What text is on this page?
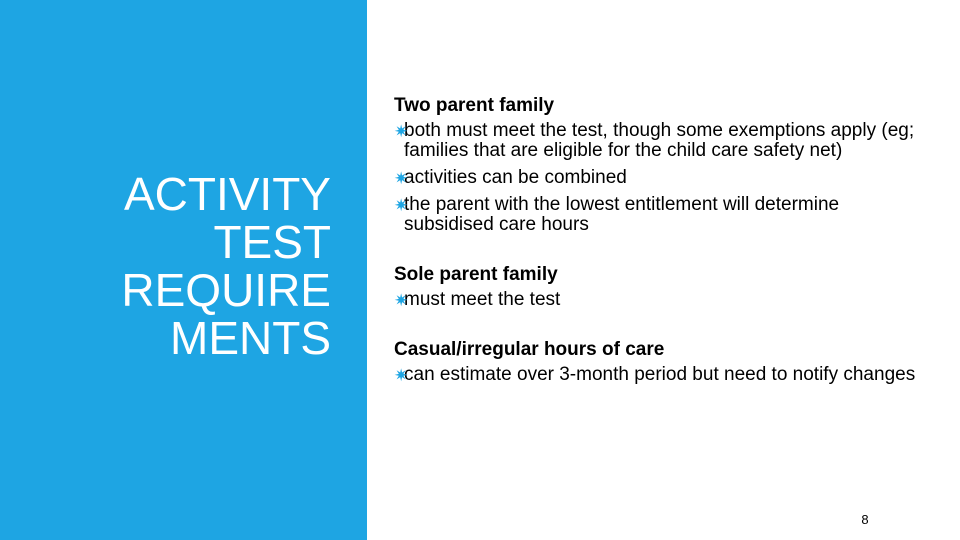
ACTIVITY
TEST
REQUIRE
MENTS

Two parent family

✷
both must meet the test, though some exemptions apply (eg; families that are eligible for the child care safety net)
✷
activities can be combined
✷
the parent with the lowest entitlement will determine subsidised care hours

Sole parent family

✷
must meet the test

Casual/irregular hours of care

✷
can estimate over 3-month period but need to notify changes
8
